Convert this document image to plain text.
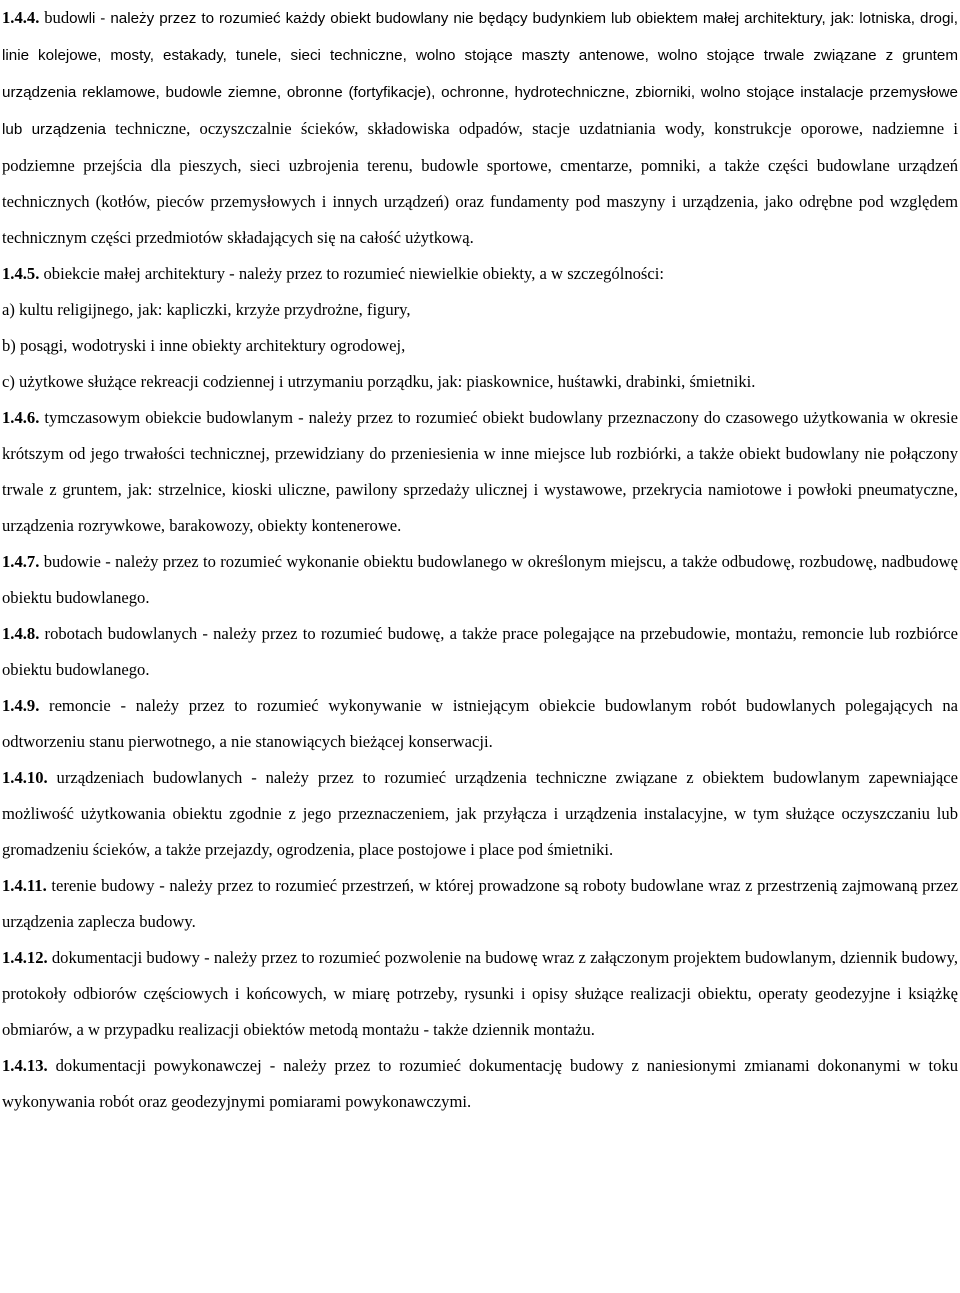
1.4.4. budowli - należy przez to rozumieć każdy obiekt budowlany nie będący budynkiem lub obiektem małej architektury, jak: lotniska, drogi, linie kolejowe, mosty, estakady, tunele, sieci techniczne, wolno stojące maszty antenowe, wolno stojące trwale związane z gruntem urządzenia reklamowe, budowle ziemne, obronne (fortyfikacje), ochronne, hydrotechniczne, zbiorniki, wolno stojące instalacje przemysłowe lub urządzenia techniczne, oczyszczalnie ścieków, składowiska odpadów, stacje uzdatniania wody, konstrukcje oporowe, nadziemne i podziemne przejścia dla pieszych, sieci uzbrojenia terenu, budowle sportowe, cmentarze, pomniki, a także części budowlane urządzeń technicznych (kotłów, pieców przemysłowych i innych urządzeń) oraz fundamenty pod maszyny i urządzenia, jako odrębne pod względem technicznym części przedmiotów składających się na całość użytkową.

1.4.5. obiekcie małej architektury - należy przez to rozumieć niewielkie obiekty, a w szczególności:

a) kultu religijnego, jak: kapliczki, krzyże przydrożne, figury,

b) posągi, wodotryski i inne obiekty architektury ogrodowej,

c) użytkowe służące rekreacji codziennej i utrzymaniu porządku, jak: piaskownice, huśtawki, drabinki, śmietniki.

1.4.6. tymczasowym obiekcie budowlanym - należy przez to rozumieć obiekt budowlany przeznaczony do czasowego użytkowania w okresie krótszym od jego trwałości technicznej, przewidziany do przeniesienia w inne miejsce lub rozbiórki, a także obiekt budowlany nie połączony trwale z gruntem, jak: strzelnice, kioski uliczne, pawilony sprzedaży ulicznej i wystawowe, przekrycia namiotowe i powłoki pneumatyczne, urządzenia rozrywkowe, barakowozy, obiekty kontenerowe.

1.4.7. budowie - należy przez to rozumieć wykonanie obiektu budowlanego w określonym miejscu, a także odbudowę, rozbudowę, nadbudowę obiektu budowlanego.

1.4.8. robotach budowlanych - należy przez to rozumieć budowę, a także prace polegające na przebudowie, montażu, remoncie lub rozbiórce obiektu budowlanego.

1.4.9. remoncie - należy przez to rozumieć wykonywanie w istniejącym obiekcie budowlanym robót budowlanych polegających na odtworzeniu stanu pierwotnego, a nie stanowiących bieżącej konserwacji.

1.4.10. urządzeniach budowlanych - należy przez to rozumieć urządzenia techniczne związane z obiektem budowlanym zapewniające możliwość użytkowania obiektu zgodnie z jego przeznaczeniem, jak przyłącza i urządzenia instalacyjne, w tym służące oczyszczaniu lub gromadzeniu ścieków, a także przejazdy, ogrodzenia, place postojowe i place pod śmietniki.

1.4.11. terenie budowy - należy przez to rozumieć przestrzeń, w której prowadzone są roboty budowlane wraz z przestrzenią zajmowaną przez urządzenia zaplecza budowy.

1.4.12. dokumentacji budowy - należy przez to rozumieć pozwolenie na budowę wraz z załączonym projektem budowlanym, dziennik budowy, protokoły odbiorów częściowych i końcowych, w miarę potrzeby, rysunki i opisy służące realizacji obiektu, operaty geodezyjne i książkę obmiarów, a w przypadku realizacji obiektów metodą montażu - także dziennik montażu.

1.4.13. dokumentacji powykonawczej - należy przez to rozumieć dokumentację budowy z naniesionymi zmianami dokonanymi w toku wykonywania robót oraz geodezyjnymi pomiarami powykonawczymi.
